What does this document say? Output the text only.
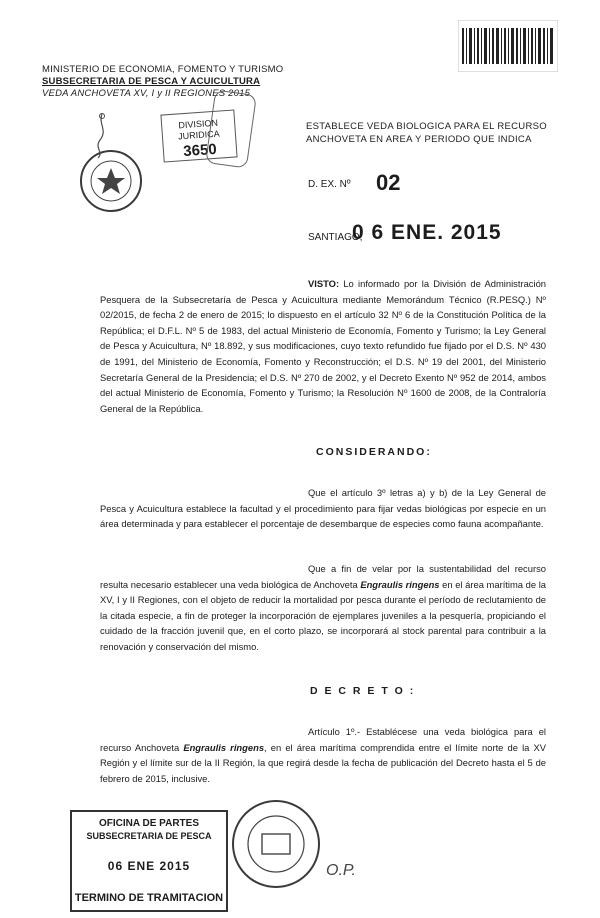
MINISTERIO DE ECONOMIA, FOMENTO Y TURISMO
SUBSECRETARIA DE PESCA Y ACUICULTURA
VEDA ANCHOVETA XV, I y II REGIONES 2015
DIVISION JURIDICA
3650
ESTABLECE VEDA BIOLOGICA PARA EL RECURSO ANCHOVETA EN AREA Y PERIODO QUE INDICA
D. EX. Nº 02
SANTIAGO,
0 6 ENE. 2015
VISTO: Lo informado por la División de Administración Pesquera de la Subsecretaría de Pesca y Acuicultura mediante Memorándum Técnico (R.PESQ.) Nº 02/2015, de fecha 2 de enero de 2015; lo dispuesto en el artículo 32 Nº 6 de la Constitución Política de la República; el D.F.L. Nº 5 de 1983, del actual Ministerio de Economía, Fomento y Turismo; la Ley General de Pesca y Acuicultura, Nº 18.892, y sus modificaciones, cuyo texto refundido fue fijado por el D.S. Nº 430 de 1991, del Ministerio de Economía, Fomento y Reconstrucción; el D.S. Nº 19 del 2001, del Ministerio Secretaría General de la Presidencia; el D.S. Nº 270 de 2002, y el Decreto Exento Nº 952 de 2014, ambos del actual Ministerio de Economía, Fomento y Turismo; la Resolución Nº 1600 de 2008, de la Contraloría General de la República.
CONSIDERANDO:
Que el artículo 3º letras a) y b) de la Ley General de Pesca y Acuicultura establece la facultad y el procedimiento para fijar vedas biológicas por especie en un área determinada y para establecer el porcentaje de desembarque de especies como fauna acompañante.
Que a fin de velar por la sustentabilidad del recurso resulta necesario establecer una veda biológica de Anchoveta Engraulis ringens en el área marítima de la XV, I y II Regiones, con el objeto de reducir la mortalidad por pesca durante el período de reclutamiento de la citada especie, a fin de proteger la incorporación de ejemplares juveniles a la pesquería, propiciando el cuidado de la fracción juvenil que, en el corto plazo, se incorporará al stock parental para contribuir a la renovación y conservación del mismo.
D E C R E T O :
Artículo 1º.- Establécese una veda biológica para el recurso Anchoveta Engraulis ringens, en el área marítima comprendida entre el límite norte de la XV Región y el límite sur de la II Región, la que regirá desde la fecha de publicación del Decreto hasta el 5 de febrero de 2015, inclusive.
OFICINA DE PARTES
SUBSECRETARIA DE PESCA
06 ENE 2015
TERMINO DE TRAMITACION
O.P.
